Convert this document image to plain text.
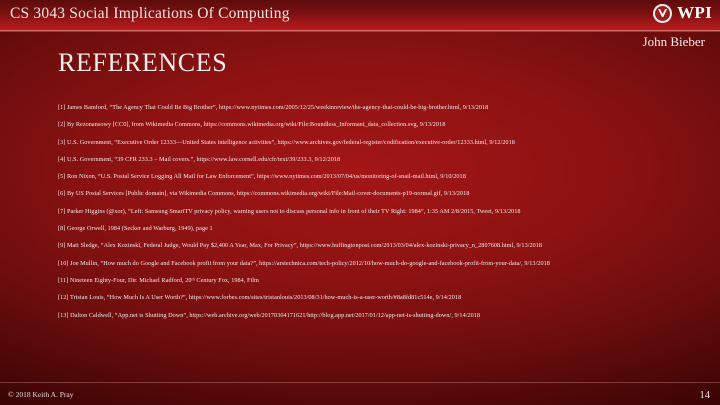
CS 3043 Social Implications Of Computing	WPI
John Bieber
REFERENCES
[1] James Bamford, “The Agency That Could Be Big Brother”, https://www.nytimes.com/2005/12/25/weekinreview/the-agency-that-could-be-big-brother.html, 9/13/2018
[2] By Rezonansowy [CC0], from Wikimedia Commons, https://commons.wikimedia.org/wiki/File:Boundless_Informant_data_collection.svg, 9/13/2018
[3] U.S. Government, “Executive Order 12333—United States intelligence activities”, https://www.archives.gov/federal-register/codification/executive-order/12333.html, 9/12/2018
[4] U.S. Government, “39 CFR 233.3 – Mail covers.”, https://www.law.cornell.edu/cfr/text/39/233.3, 9/12/2018
[5] Ron Nixon, “U.S. Postal Service Logging All Mail for Law Enforcement”, https://www.nytimes.com/2013/07/04/us/monitoring-of-snail-mail.html, 9/10/2018
[6] By US Postal Services [Public domain], via Wikimedia Commons, https://commons.wikimedia.org/wiki/File:Mail-cover-documents-p19-normal.gif, 9/13/2018
[7] Parker Higgins (@xor), “Left: Samsung SmartTV privacy policy, warning users not to discuss personal info in front of their TV Right: 1984”, 1:35 AM 2/8/2015, Tweet, 9/13/2018
[8] George Orwell, 1984 (Secker and Warburg, 1949), page 1
[9] Matt Sledge, “Alex Kozinski, Federal Judge, Would Pay $2,400 A Year, Max, For Privacy”, https://www.huffingtonpost.com/2013/03/04/alex-kozinski-privacy_n_2807608.html, 9/13/2018
[10] Joe Mullin, “How much do Google and Facebook profit from your data?”, https://arstechnica.com/tech-policy/2012/10/how-much-do-google-and-facebook-profit-from-your-data/, 9/13/2018
[11] Nineteen Eighty-Four, Dir. Michael Radford, 20ᵗʰ Century Fox, 1984, Film
[12] Tristan Louis, “How Much Is A User Worth?”, https://www.forbes.com/sites/tristanlouis/2013/08/31/how-much-is-a-user-worth/#8a8fd81c514e, 9/14/2018
[13] Dalton Caldwell, “App.net is Shutting Down”, https://web.archive.org/web/20170304171621/http://blog.app.net/2017/01/12/app-net-is-shutting-down/, 9/14/2018
© 2018 Keith A. Pray	14
